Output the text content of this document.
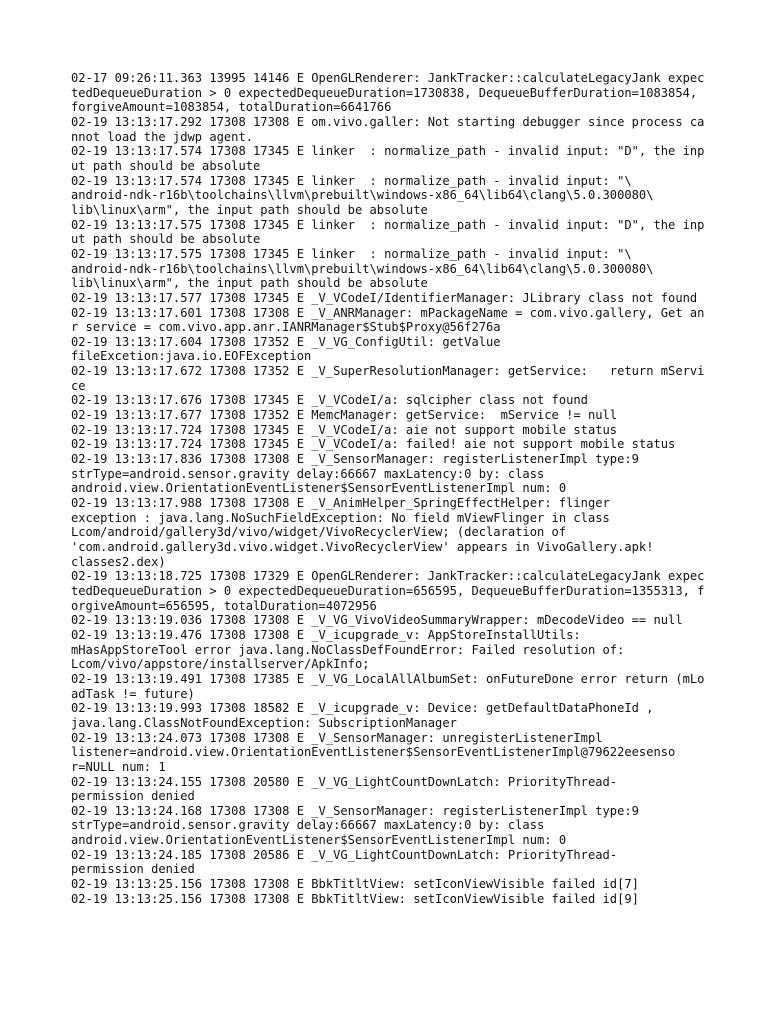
02-17 09:26:11.363 13995 14146 E OpenGLRenderer: JankTracker::calculateLegacyJank expectedDequeueDuration > 0 expectedDequeueDuration=1730838, DequeueBufferDuration=1083854, forgiveAmount=1083854, totalDuration=6641766
02-19 13:13:17.292 17308 17308 E om.vivo.galler: Not starting debugger since process cannot load the jdwp agent.
02-19 13:13:17.574 17308 17345 E linker  : normalize_path - invalid input: "D", the input path should be absolute
02-19 13:13:17.574 17308 17345 E linker  : normalize_path - invalid input: "\
android-ndk-r16b\toolchains\llvm\prebuilt\windows-x86_64\lib64\clang\5.0.300080\
lib\linux\arm", the input path should be absolute
02-19 13:13:17.575 17308 17345 E linker  : normalize_path - invalid input: "D", the input path should be absolute
02-19 13:13:17.575 17308 17345 E linker  : normalize_path - invalid input: "\
android-ndk-r16b\toolchains\llvm\prebuilt\windows-x86_64\lib64\clang\5.0.300080\
lib\linux\arm", the input path should be absolute
02-19 13:13:17.577 17308 17345 E _V_VCodeI/IdentifierManager: JLibrary class not found
02-19 13:13:17.601 17308 17308 E _V_ANRManager: mPackageName = com.vivo.gallery, Get anr service = com.vivo.app.anr.IANRManager$Stub$Proxy@56f276a
02-19 13:13:17.604 17308 17352 E _V_VG_ConfigUtil: getValue
fileExcetion:java.io.EOFException
02-19 13:13:17.672 17308 17352 E _V_SuperResolutionManager: getService:   return mService
02-19 13:13:17.676 17308 17345 E _V_VCodeI/a: sqlcipher class not found
02-19 13:13:17.677 17308 17352 E MemcManager: getService:  mService != null
02-19 13:13:17.724 17308 17345 E _V_VCodeI/a: aie not support mobile status
02-19 13:13:17.724 17308 17345 E _V_VCodeI/a: failed! aie not support mobile status
02-19 13:13:17.836 17308 17308 E _V_SensorManager: registerListenerImpl type:9
strType=android.sensor.gravity delay:66667 maxLatency:0 by: class
android.view.OrientationEventListener$SensorEventListenerImpl num: 0
02-19 13:13:17.988 17308 17308 E _V_AnimHelper_SpringEffectHelper: flinger
exception : java.lang.NoSuchFieldException: No field mViewFlinger in class
Lcom/android/gallery3d/vivo/widget/VivoRecyclerView; (declaration of
'com.android.gallery3d.vivo.widget.VivoRecyclerView' appears in VivoGallery.apk!
classes2.dex)
02-19 13:13:18.725 17308 17329 E OpenGLRenderer: JankTracker::calculateLegacyJank expectedDequeueDuration > 0 expectedDequeueDuration=656595, DequeueBufferDuration=1355313, forgiveAmount=656595, totalDuration=4072956
02-19 13:13:19.036 17308 17308 E _V_VG_VivoVideoSummaryWrapper: mDecodeVideo == null
02-19 13:13:19.476 17308 17308 E _V_icupgrade_v: AppStoreInstallUtils:
mHasAppStoreTool error java.lang.NoClassDefFoundError: Failed resolution of:
Lcom/vivo/appstore/installserver/ApkInfo;
02-19 13:13:19.491 17308 17385 E _V_VG_LocalAllAlbumSet: onFutureDone error return (mLoadTask != future)
02-19 13:13:19.993 17308 18582 E _V_icupgrade_v: Device: getDefaultDataPhoneId ,
java.lang.ClassNotFoundException: SubscriptionManager
02-19 13:13:24.073 17308 17308 E _V_SensorManager: unregisterListenerImpl
listener=android.view.OrientationEventListener$SensorEventListenerImpl@79622eesenso
r=NULL num: 1
02-19 13:13:24.155 17308 20580 E _V_VG_LightCountDownLatch: PriorityThread-
permission denied
02-19 13:13:24.168 17308 17308 E _V_SensorManager: registerListenerImpl type:9
strType=android.sensor.gravity delay:66667 maxLatency:0 by: class
android.view.OrientationEventListener$SensorEventListenerImpl num: 0
02-19 13:13:24.185 17308 20586 E _V_VG_LightCountDownLatch: PriorityThread-
permission denied
02-19 13:13:25.156 17308 17308 E BbkTitltView: setIconViewVisible failed id[7]
02-19 13:13:25.156 17308 17308 E BbkTitltView: setIconViewVisible failed id[9]
